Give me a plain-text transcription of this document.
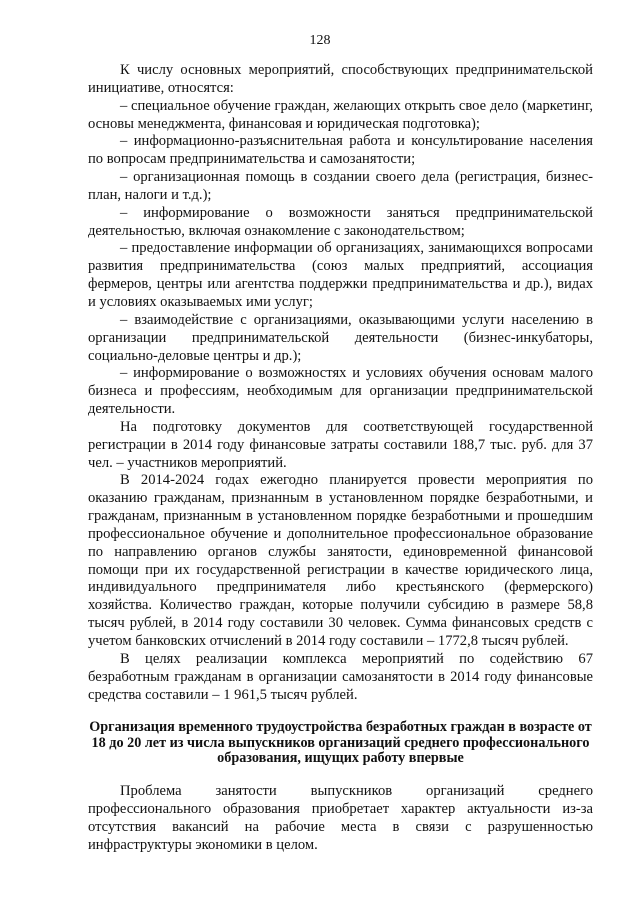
128

К числу основных мероприятий, способствующих предпринимательской инициативе, относятся:

– специальное обучение граждан, желающих открыть свое дело (маркетинг, основы менеджмента, финансовая и юридическая подготовка);

– информационно-разъяснительная работа и консультирование населения по вопросам предпринимательства и самозанятости;

– организационная помощь в создании своего дела (регистрация, бизнес-план, налоги и т.д.);

– информирование о возможности заняться предпринимательской деятельностью, включая ознакомление с законодательством;

– предоставление информации об организациях, занимающихся вопросами развития предпринимательства (союз малых предприятий, ассоциация фермеров, центры или агентства поддержки предпринимательства и др.), видах и условиях оказываемых ими услуг;

– взаимодействие с организациями, оказывающими услуги населению в организации предпринимательской деятельности (бизнес-инкубаторы, социально-деловые центры и др.);

– информирование о возможностях и условиях обучения основам малого бизнеса и профессиям, необходимым для организации предпринимательской деятельности.

На подготовку документов для соответствующей государственной регистрации в 2014 году финансовые затраты составили 188,7 тыс. руб. для 37 чел. – участников мероприятий.

В 2014-2024 годах ежегодно планируется провести мероприятия по оказанию гражданам, признанным в установленном порядке безработными, и гражданам, признанным в установленном порядке безработными и прошедшим профессиональное обучение и дополнительное профессиональное образование по направлению органов службы занятости, единовременной финансовой помощи при их государственной регистрации в качестве юридического лица, индивидуального предпринимателя либо крестьянского (фермерского) хозяйства. Количество граждан, которые получили субсидию в размере 58,8 тысяч рублей, в 2014 году составили 30 человек. Сумма финансовых средств с учетом банковских отчислений в 2014 году составили – 1772,8 тысяч рублей.

В целях реализации комплекса мероприятий по содействию 67 безработным гражданам в организации самозанятости в 2014 году финансовые средства составили – 1 961,5 тысяч рублей.

Организация временного трудоустройства безработных граждан в возрасте от 18 до 20 лет из числа выпускников организаций среднего профессионального образования, ищущих работу впервые

Проблема занятости выпускников организаций среднего профессионального образования приобретает характер актуальности из-за отсутствия вакансий на рабочие места в связи с разрушенностью инфраструктуры экономики в целом.
